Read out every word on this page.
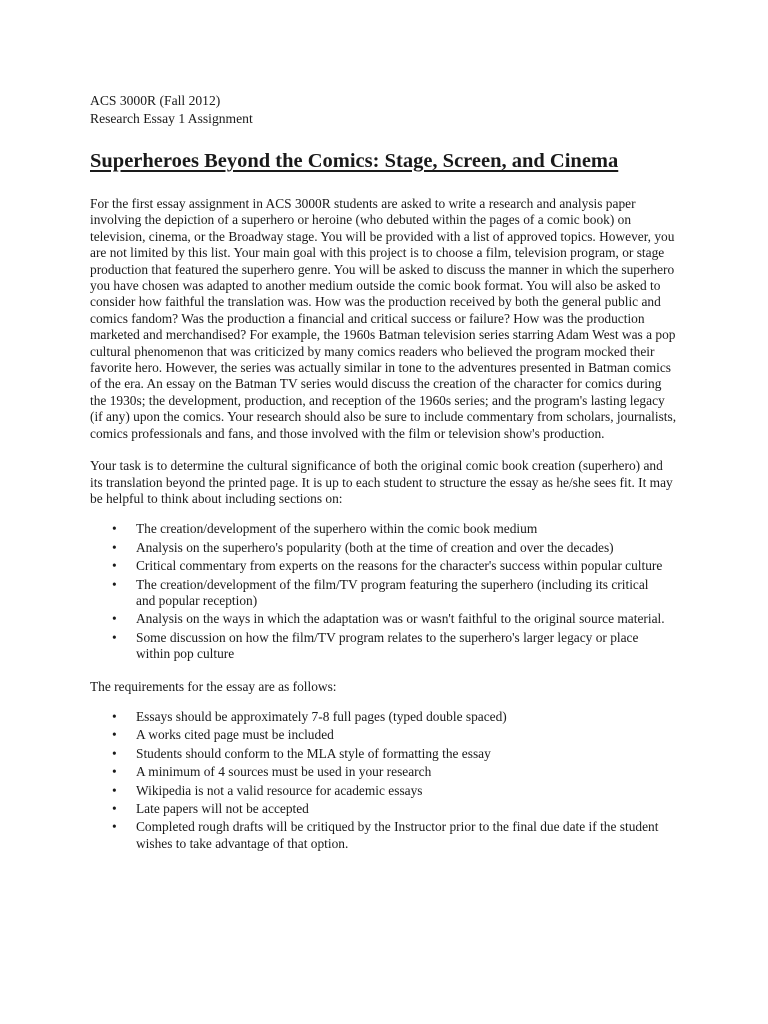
ACS 3000R (Fall 2012)

Research Essay 1 Assignment

Superheroes Beyond the Comics: Stage, Screen, and Cinema

For the first essay assignment in ACS 3000R students are asked to write a research and analysis paper involving the depiction of a superhero or heroine (who debuted within the pages of a comic book) on television, cinema, or the Broadway stage. You will be provided with a list of approved topics. However, you are not limited by this list. Your main goal with this project is to choose a film, television program, or stage production that featured the superhero genre. You will be asked to discuss the manner in which the superhero you have chosen was adapted to another medium outside the comic book format. You will also be asked to consider how faithful the translation was. How was the production received by both the general public and comics fandom? Was the production a financial and critical success or failure? How was the production marketed and merchandised? For example, the 1960s Batman television series starring Adam West was a pop cultural phenomenon that was criticized by many comics readers who believed the program mocked their favorite hero. However, the series was actually similar in tone to the adventures presented in Batman comics of the era. An essay on the Batman TV series would discuss the creation of the character for comics during the 1930s; the development, production, and reception of the 1960s series; and the program's lasting legacy (if any) upon the comics. Your research should also be sure to include commentary from scholars, journalists, comics professionals and fans, and those involved with the film or television show's production.

Your task is to determine the cultural significance of both the original comic book creation (superhero) and its translation beyond the printed page. It is up to each student to structure the essay as he/she sees fit. It may be helpful to think about including sections on:

• The creation/development of the superhero within the comic book medium
• Analysis on the superhero's popularity (both at the time of creation and over the decades)
• Critical commentary from experts on the reasons for the character's success within popular culture
• The creation/development of the film/TV program featuring the superhero (including its critical and popular reception)
• Analysis on the ways in which the adaptation was or wasn't faithful to the original source material.
• Some discussion on how the film/TV program relates to the superhero's larger legacy or place within pop culture

The requirements for the essay are as follows:

• Essays should be approximately 7-8 full pages (typed double spaced)
• A works cited page must be included
• Students should conform to the MLA style of formatting the essay
• A minimum of 4 sources must be used in your research
• Wikipedia is not a valid resource for academic essays
• Late papers will not be accepted
• Completed rough drafts will be critiqued by the Instructor prior to the final due date if the student wishes to take advantage of that option.
